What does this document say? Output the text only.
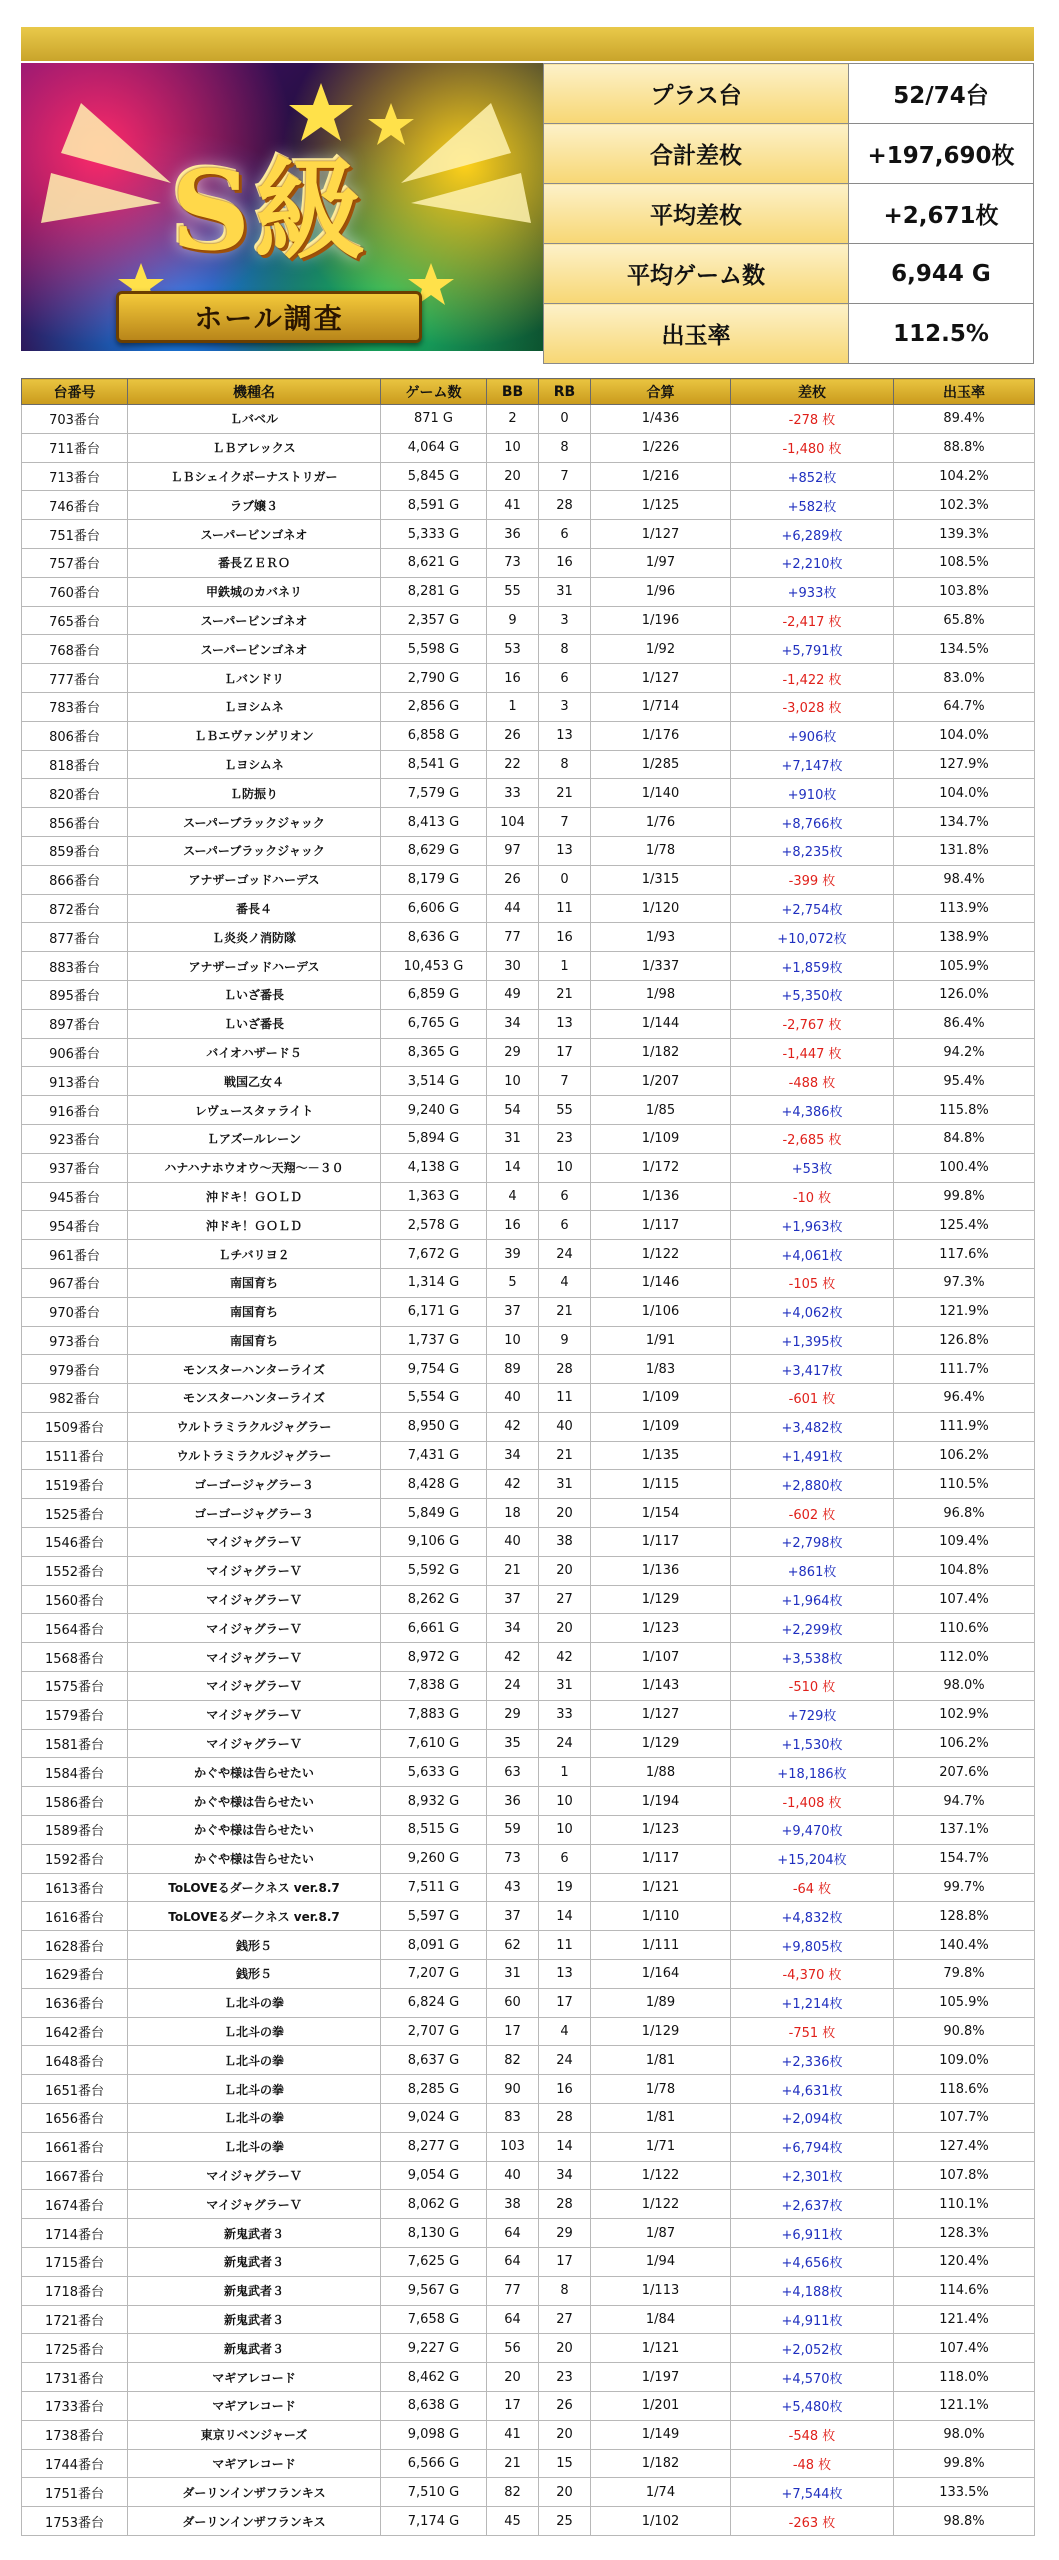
S級
ホール調査
プラス台	52/74台
合計差枚	+197,690枚
平均差枚	+2,671枚
平均ゲーム数	6,944 G
出玉率	112.5%
台番号	機種名	ゲーム数	BB	RB	合算	差枚	出玉率
703番台	Ｌバベル	871 G	2	0	1/436	-278 枚	89.4%
711番台	ＬＢアレックス	4,064 G	10	8	1/226	-1,480 枚	88.8%
713番台	ＬＢシェイクボーナストリガー	5,845 G	20	7	1/216	+852枚	104.2%
746番台	ラブ嬢３	8,591 G	41	28	1/125	+582枚	102.3%
751番台	スーパービンゴネオ	5,333 G	36	6	1/127	+6,289枚	139.3%
757番台	番長ＺＥＲＯ	8,621 G	73	16	1/97	+2,210枚	108.5%
760番台	甲鉄城のカバネリ	8,281 G	55	31	1/96	+933枚	103.8%
765番台	スーパービンゴネオ	2,357 G	9	3	1/196	-2,417 枚	65.8%
768番台	スーパービンゴネオ	5,598 G	53	8	1/92	+5,791枚	134.5%
777番台	Ｌバンドリ	2,790 G	16	6	1/127	-1,422 枚	83.0%
783番台	Ｌヨシムネ	2,856 G	1	3	1/714	-3,028 枚	64.7%
806番台	ＬＢエヴァンゲリオン	6,858 G	26	13	1/176	+906枚	104.0%
818番台	Ｌヨシムネ	8,541 G	22	8	1/285	+7,147枚	127.9%
820番台	Ｌ防振り	7,579 G	33	21	1/140	+910枚	104.0%
856番台	スーパーブラックジャック	8,413 G	104	7	1/76	+8,766枚	134.7%
859番台	スーパーブラックジャック	8,629 G	97	13	1/78	+8,235枚	131.8%
866番台	アナザーゴッドハーデス	8,179 G	26	0	1/315	-399 枚	98.4%
872番台	番長４	6,606 G	44	11	1/120	+2,754枚	113.9%
877番台	Ｌ炎炎ノ消防隊	8,636 G	77	16	1/93	+10,072枚	138.9%
883番台	アナザーゴッドハーデス	10,453 G	30	1	1/337	+1,859枚	105.9%
895番台	Ｌいざ番長	6,859 G	49	21	1/98	+5,350枚	126.0%
897番台	Ｌいざ番長	6,765 G	34	13	1/144	-2,767 枚	86.4%
906番台	バイオハザード５	8,365 G	29	17	1/182	-1,447 枚	94.2%
913番台	戦国乙女４	3,514 G	10	7	1/207	-488 枚	95.4%
916番台	レヴュースタァライト	9,240 G	54	55	1/85	+4,386枚	115.8%
923番台	Ｌアズールレーン	5,894 G	31	23	1/109	-2,685 枚	84.8%
937番台	ハナハナホウオウ～天翔～－３０	4,138 G	14	10	1/172	+53枚	100.4%
945番台	沖ドキ！ＧＯＬＤ	1,363 G	4	6	1/136	-10 枚	99.8%
954番台	沖ドキ！ＧＯＬＤ	2,578 G	16	6	1/117	+1,963枚	125.4%
961番台	Ｌチバリヨ２	7,672 G	39	24	1/122	+4,061枚	117.6%
967番台	南国育ち	1,314 G	5	4	1/146	-105 枚	97.3%
970番台	南国育ち	6,171 G	37	21	1/106	+4,062枚	121.9%
973番台	南国育ち	1,737 G	10	9	1/91	+1,395枚	126.8%
979番台	モンスターハンターライズ	9,754 G	89	28	1/83	+3,417枚	111.7%
982番台	モンスターハンターライズ	5,554 G	40	11	1/109	-601 枚	96.4%
1509番台	ウルトラミラクルジャグラー	8,950 G	42	40	1/109	+3,482枚	111.9%
1511番台	ウルトラミラクルジャグラー	7,431 G	34	21	1/135	+1,491枚	106.2%
1519番台	ゴーゴージャグラー３	8,428 G	42	31	1/115	+2,880枚	110.5%
1525番台	ゴーゴージャグラー３	5,849 G	18	20	1/154	-602 枚	96.8%
1546番台	マイジャグラーＶ	9,106 G	40	38	1/117	+2,798枚	109.4%
1552番台	マイジャグラーＶ	5,592 G	21	20	1/136	+861枚	104.8%
1560番台	マイジャグラーＶ	8,262 G	37	27	1/129	+1,964枚	107.4%
1564番台	マイジャグラーＶ	6,661 G	34	20	1/123	+2,299枚	110.6%
1568番台	マイジャグラーＶ	8,972 G	42	42	1/107	+3,538枚	112.0%
1575番台	マイジャグラーＶ	7,838 G	24	31	1/143	-510 枚	98.0%
1579番台	マイジャグラーＶ	7,883 G	29	33	1/127	+729枚	102.9%
1581番台	マイジャグラーＶ	7,610 G	35	24	1/129	+1,530枚	106.2%
1584番台	かぐや様は告らせたい	5,633 G	63	1	1/88	+18,186枚	207.6%
1586番台	かぐや様は告らせたい	8,932 G	36	10	1/194	-1,408 枚	94.7%
1589番台	かぐや様は告らせたい	8,515 G	59	10	1/123	+9,470枚	137.1%
1592番台	かぐや様は告らせたい	9,260 G	73	6	1/117	+15,204枚	154.7%
1613番台	ToLOVEるダークネス ver.8.7	7,511 G	43	19	1/121	-64 枚	99.7%
1616番台	ToLOVEるダークネス ver.8.7	5,597 G	37	14	1/110	+4,832枚	128.8%
1628番台	銭形５	8,091 G	62	11	1/111	+9,805枚	140.4%
1629番台	銭形５	7,207 G	31	13	1/164	-4,370 枚	79.8%
1636番台	Ｌ北斗の拳	6,824 G	60	17	1/89	+1,214枚	105.9%
1642番台	Ｌ北斗の拳	2,707 G	17	4	1/129	-751 枚	90.8%
1648番台	Ｌ北斗の拳	8,637 G	82	24	1/81	+2,336枚	109.0%
1651番台	Ｌ北斗の拳	8,285 G	90	16	1/78	+4,631枚	118.6%
1656番台	Ｌ北斗の拳	9,024 G	83	28	1/81	+2,094枚	107.7%
1661番台	Ｌ北斗の拳	8,277 G	103	14	1/71	+6,794枚	127.4%
1667番台	マイジャグラーＶ	9,054 G	40	34	1/122	+2,301枚	107.8%
1674番台	マイジャグラーＶ	8,062 G	38	28	1/122	+2,637枚	110.1%
1714番台	新鬼武者３	8,130 G	64	29	1/87	+6,911枚	128.3%
1715番台	新鬼武者３	7,625 G	64	17	1/94	+4,656枚	120.4%
1718番台	新鬼武者３	9,567 G	77	8	1/113	+4,188枚	114.6%
1721番台	新鬼武者３	7,658 G	64	27	1/84	+4,911枚	121.4%
1725番台	新鬼武者３	9,227 G	56	20	1/121	+2,052枚	107.4%
1731番台	マギアレコード	8,462 G	20	23	1/197	+4,570枚	118.0%
1733番台	マギアレコード	8,638 G	17	26	1/201	+5,480枚	121.1%
1738番台	東京リベンジャーズ	9,098 G	41	20	1/149	-548 枚	98.0%
1744番台	マギアレコード	6,566 G	21	15	1/182	-48 枚	99.8%
1751番台	ダーリンインザフランキス	7,510 G	82	20	1/74	+7,544枚	133.5%
1753番台	ダーリンインザフランキス	7,174 G	45	25	1/102	-263 枚	98.8%
